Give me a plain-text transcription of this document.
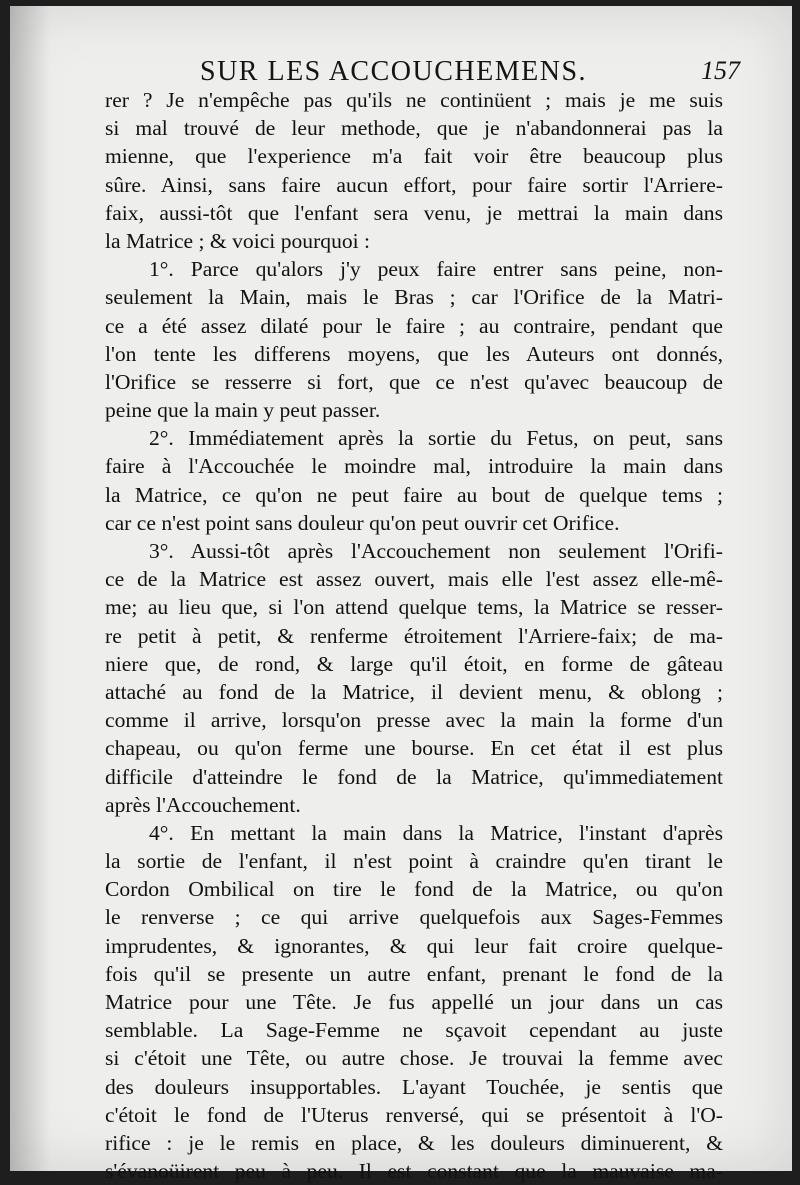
SUR LES ACCOUCHEMENS.	157
rer ? Je n'empêche pas qu'ils ne continüent ; mais je me suis
si mal trouvé de leur methode, que je n'abandonnerai pas la
mienne, que l'experience m'a fait voir être beaucoup plus
sûre. Ainsi, sans faire aucun effort, pour faire sortir l'Arriere-
faix, aussi-tôt que l'enfant sera venu, je mettrai la main dans
la Matrice ; & voici pourquoi :
1°. Parce qu'alors j'y peux faire entrer sans peine, non-
seulement la Main, mais le Bras ; car l'Orifice de la Matri-
ce a été assez dilaté pour le faire ; au contraire, pendant que
l'on tente les differens moyens, que les Auteurs ont donnés,
l'Orifice se resserre si fort, que ce n'est qu'avec beaucoup de
peine que la main y peut passer.
2°. Immédiatement après la sortie du Fetus, on peut, sans
faire à l'Accouchée le moindre mal, introduire la main dans
la Matrice, ce qu'on ne peut faire au bout de quelque tems ;
car ce n'est point sans douleur qu'on peut ouvrir cet Orifice.
3°. Aussi-tôt après l'Accouchement non seulement l'Orifi-
ce de la Matrice est assez ouvert, mais elle l'est assez elle-mê-
me; au lieu que, si l'on attend quelque tems, la Matrice se resser-
re petit à petit, & renferme étroitement l'Arriere-faix; de ma-
niere que, de rond, & large qu'il étoit, en forme de gâteau
attaché au fond de la Matrice, il devient menu, & oblong ;
comme il arrive, lorsqu'on presse avec la main la forme d'un
chapeau, ou qu'on ferme une bourse. En cet état il est plus
difficile d'atteindre le fond de la Matrice, qu'immediatement
après l'Accouchement.
4°. En mettant la main dans la Matrice, l'instant d'après
la sortie de l'enfant, il n'est point à craindre qu'en tirant le
Cordon Ombilical on tire le fond de la Matrice, ou qu'on
le renverse ; ce qui arrive quelquefois aux Sages-Femmes
imprudentes, & ignorantes, & qui leur fait croire quelque-
fois qu'il se presente un autre enfant, prenant le fond de la
Matrice pour une Tête. Je fus appellé un jour dans un cas
semblable. La Sage-Femme ne sçavoit cependant au juste
si c'étoit une Tête, ou autre chose. Je trouvai la femme avec
des douleurs insupportables. L'ayant Touchée, je sentis que
c'étoit le fond de l'Uterus renversé, qui se présentoit à l'O-
rifice : je le remis en place, & les douleurs diminuerent, &
s'évanoüirent peu à peu. Il est constant que la mauvaise ma-
